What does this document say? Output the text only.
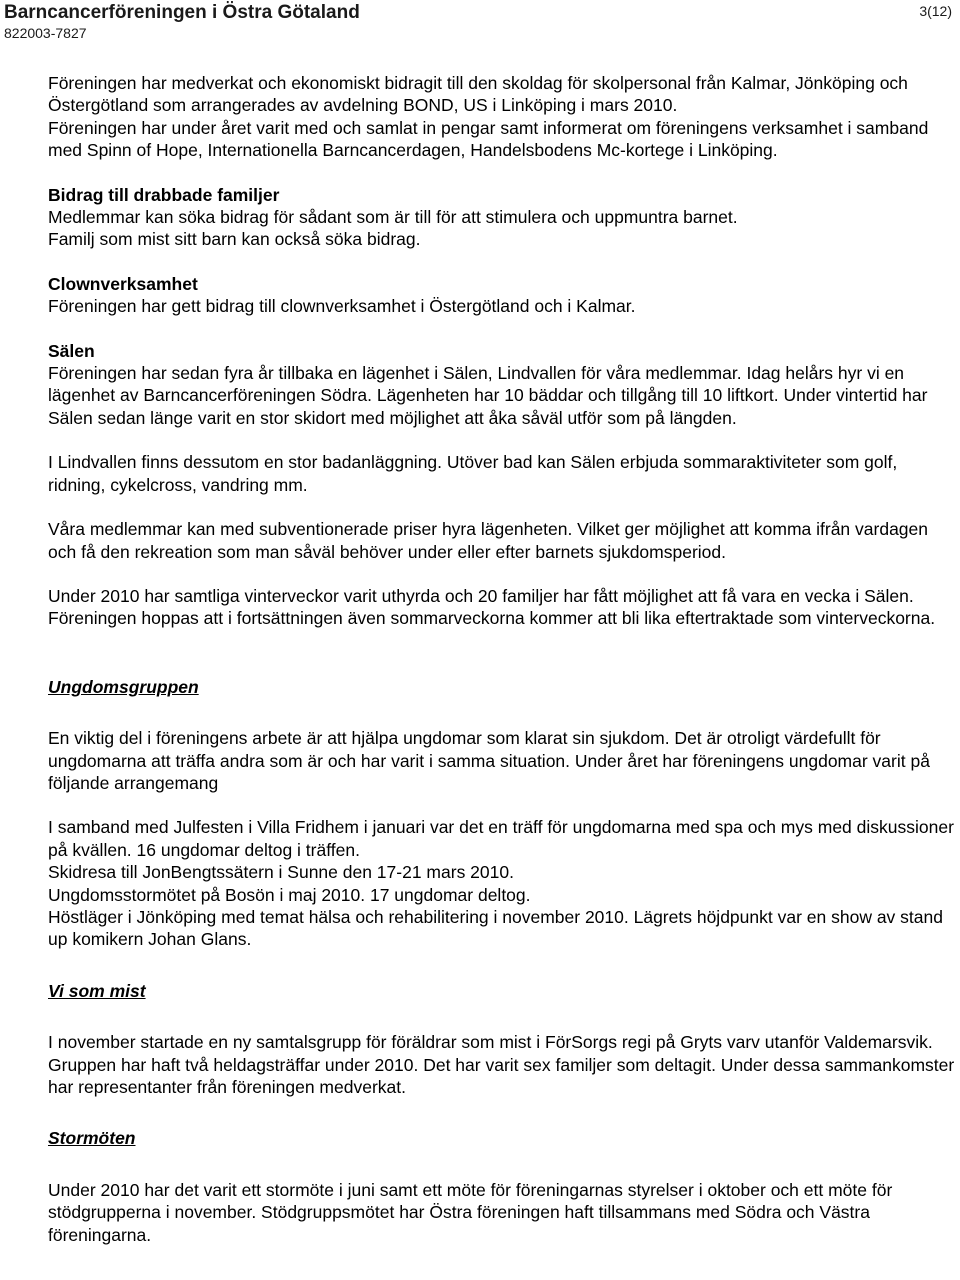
Barncancerföreningen i Östra Götaland
822003-7827
3(12)

Föreningen har medverkat och ekonomiskt bidragit till den skoldag för skolpersonal från Kalmar, Jönköping och Östergötland som arrangerades av avdelning BOND, US i Linköping i mars 2010.

Föreningen har under året varit med och samlat in pengar samt informerat om föreningens verksamhet i samband med Spinn of Hope, Internationella Barncancerdagen, Handelsbodens Mc-kortege i Linköping.

Bidrag till drabbade familjer

Medlemmar kan söka bidrag för sådant som är till för att stimulera och uppmuntra barnet.

Familj som mist sitt barn kan också söka bidrag.

Clownverksamhet

Föreningen har gett bidrag till clownverksamhet i Östergötland och i Kalmar.

Sälen

Föreningen har sedan fyra år tillbaka en lägenhet i Sälen, Lindvallen för våra medlemmar. Idag helårs hyr vi en lägenhet av Barncancerföreningen Södra. Lägenheten har 10 bäddar och tillgång till 10 liftkort. Under vintertid har Sälen sedan länge varit en stor skidort med möjlighet att åka såväl utför som på längden.

I Lindvallen finns dessutom en stor badanläggning. Utöver bad kan Sälen erbjuda sommaraktiviteter som golf, ridning, cykelcross, vandring mm.

Våra medlemmar kan med subventionerade priser hyra lägenheten. Vilket ger möjlighet att komma ifrån vardagen och få den rekreation som man såväl behöver under eller efter barnets sjukdomsperiod.

Under 2010 har samtliga vinterveckor varit uthyrda och 20 familjer har fått möjlighet att få vara en vecka i Sälen. Föreningen hoppas att i fortsättningen även sommarveckorna kommer att bli lika eftertraktade som vinterveckorna.

Ungdomsgruppen

En viktig del i föreningens arbete är att hjälpa ungdomar som klarat sin sjukdom. Det är otroligt värdefullt för ungdomarna att träffa andra som är och har varit i samma situation. Under året har föreningens ungdomar varit på följande arrangemang

I samband med Julfesten i Villa Fridhem i januari var det en träff för ungdomarna med spa och mys med diskussioner på kvällen. 16 ungdomar deltog i träffen.

Skidresa till JonBengtssätern i Sunne den 17-21 mars 2010.

Ungdomsstormötet på Bosön i maj 2010. 17 ungdomar deltog.

Höstläger i Jönköping med temat hälsa och rehabilitering i november 2010. Lägrets höjdpunkt var en show av stand up komikern Johan Glans.

Vi som mist

I november startade en ny samtalsgrupp för föräldrar som mist i FörSorgs regi på Gryts varv utanför Valdemarsvik. Gruppen har haft två heldagsträffar under 2010. Det har varit sex familjer som deltagit. Under dessa sammankomster har representanter från föreningen medverkat.

Stormöten

Under 2010 har det varit ett stormöte i juni samt ett möte för föreningarnas styrelser i oktober och ett möte för stödgrupperna i november. Stödgruppsmötet har Östra föreningen haft tillsammans med Södra och Västra föreningarna.
